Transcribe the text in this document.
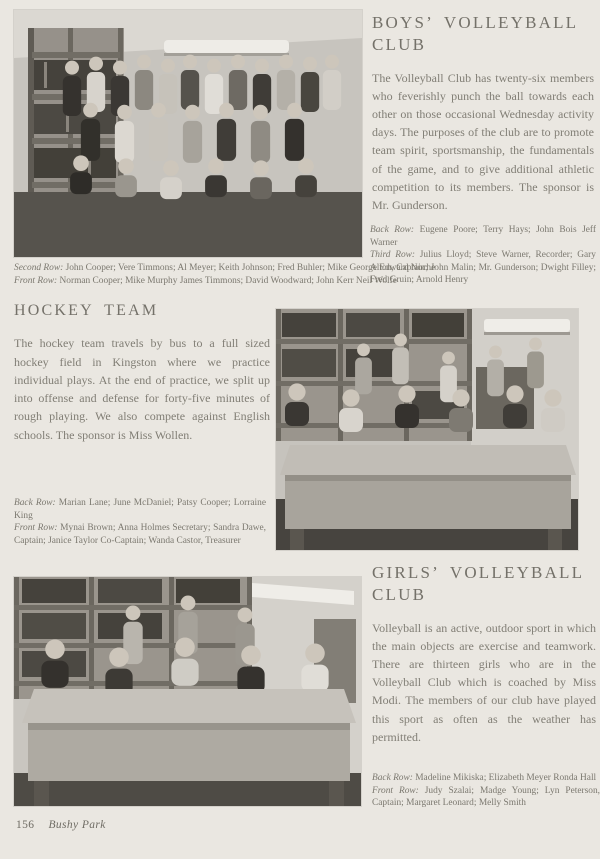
BOYS’ VOLLEYBALL CLUB

The Volleyball Club has twenty-six members who feverishly punch the ball towards each other on those occasional Wednesday activity days. The purposes of the club are to promote team spirit, sportsmanship, the fundamentals of the game, and to give additional athletic competition to its members. The sponsor is Mr. Gunderson.

Back Row: Eugene Poore; Terry Hays; John Bois Jeff Warner

Third Row: Julius Lloyd; Steve Warner, Recorder; Gary Alton, Captain; John Malin; Mr. Gunderson; Dwight Filley; Fred Gruin; Arnold Henry

Second Row: John Cooper; Vere Timmons; Al Meyer; Keith Johnson; Fred Buhler; Mike George Edward Noche

Front Row: Norman Cooper; Mike Murphy James Timmons; David Woodward; John Kerr Neil Wolfe

HOCKEY TEAM

The hockey team travels by bus to a full sized hockey field in Kingston where we practice individual plays. At the end of practice, we split up into offense and defense for forty-five minutes of rough playing. We also compete against English schools. The sponsor is Miss Wollen.

Back Row: Marian Lane; June McDaniel; Patsy Cooper; Lorraine King

Front Row: Mynai Brown; Anna Holmes Secretary; Sandra Dawe, Captain; Janice Taylor Co-Captain; Wanda Castor, Treasurer

GIRLS’ VOLLEYBALL CLUB

Volleyball is an active, outdoor sport in which the main objects are exercise and teamwork. There are thirteen girls who are in the Volleyball Club which is coached by Miss Modi. The members of our club have played this sport as often as the weather has permitted.

Back Row: Madeline Mikiska; Elizabeth Meyer Ronda Hall

Front Row: Judy Szalai; Madge Young; Lyn Peterson, Captain; Margaret Leonard; Melly Smith

156 Bushy Park
